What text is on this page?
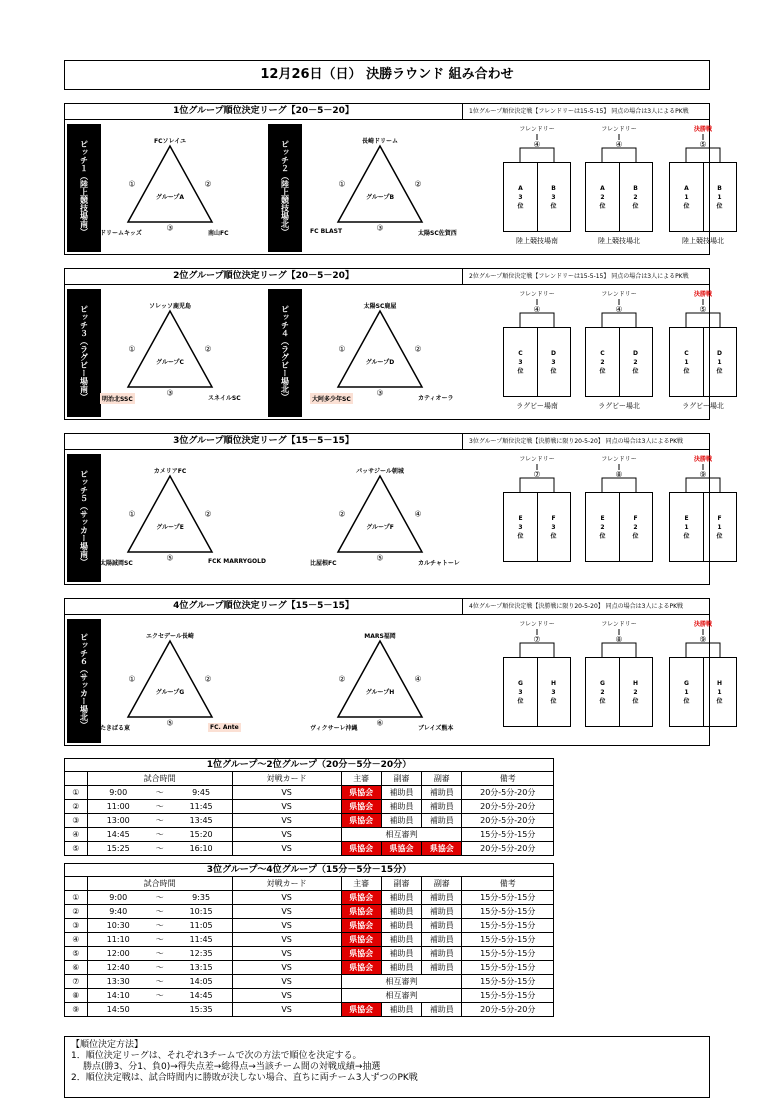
12月26日（日） 決勝ラウンド 組み合わせ
1位グループ順位決定リーグ【20－5－20】	1位グループ順位決定戦【フレンドリーは15-5-15】 同点の場合は3人によるPK戦
ピッチ１（陸上競技場南）	ピッチ２（陸上競技場北）
FCソレイユ
グループA
①	②
③
ドリームキッズ	南山FC
長崎ドリーム
グループB
①	②
③
FC BLAST	太陽SC佐賀西
フレンドリー
④
A
3
位
B
3
位
陸上競技場南
フレンドリー
④
A
2
位
B
2
位
陸上競技場北
決勝戦
⑤
A
1
位
B
1
位
陸上競技場北
2位グループ順位決定リーグ【20－5－20】	2位グループ順位決定戦【フレンドリーは15-5-15】 同点の場合は3人によるPK戦
ピッチ３（ラグビー場南）	ピッチ４（ラグビー場北）
ソレッソ鹿児島
グループC
①	②
③
明治北SSC	スネイルSC
太陽SC鹿屋
グループD
①	②
③
大阿多少年SC	カティオーラ
フレンドリー
④
C
3
位
D
3
位
ラグビー場南
フレンドリー
④
C
2
位
D
2
位
ラグビー場北
決勝戦
⑤
C
1
位
D
1
位
ラグビー場北
3位グループ順位決定リーグ【15－5－15】	3位グループ順位決定戦【決勝戦に限り20-5-20】 同点の場合は3人によるPK戦
ピッチ５（サッカー場南）	カメリアFC
グループE
①	②
⑤
太陽誠岡SC	FCK MARRYGOLD
パッサジール朝城
グループF
②	④
⑤
比屋根FC	カルチャトーレ
フレンドリー
⑦
E
3
位
F
3
位
フレンドリー
⑧
E
2
位
F
2
位
決勝戦
⑨
E
1
位
F
1
位
4位グループ順位決定リーグ【15－5－15】	4位グループ順位決定戦【決勝戦に限り20-5-20】 同点の場合は3人によるPK戦
ピッチ６（サッカー場北）	エクセデール長崎
グループG
①	②
⑤
たきばる東	FC. Ante
MARS福岡
グループH
②	④
⑥
ヴィクサーレ沖縄	ブレイズ熊本
フレンドリー
⑦
G
3
位
H
3
位
フレンドリー
⑧
G
2
位
H
2
位
決勝戦
⑨
G
1
位
H
1
位
1位グループ～2位グループ（20分－5分－20分）
	試合時間			対戦カード	主審	副審	副審	備考
①	9:00	～	9:45	VS	県協会	補助員	補助員	20分-5分-20分
②	11:00	～	11:45	VS	県協会	補助員	補助員	20分-5分-20分
③	13:00	～	13:45	VS	県協会	補助員	補助員	20分-5分-20分
④	14:45	～	15:20	VS	相互審判			15分-5分-15分
⑤	15:25	～	16:10	VS	県協会	県協会	県協会	20分-5分-20分
3位グループ～4位グループ（15分－5分－15分）
	試合時間			対戦カード	主審	副審	副審	備考
①	9:00	～	9:35	VS	県協会	補助員	補助員	15分-5分-15分
②	9:40	～	10:15	VS	県協会	補助員	補助員	15分-5分-15分
③	10:30	～	11:05	VS	県協会	補助員	補助員	15分-5分-15分
④	11:10	～	11:45	VS	県協会	補助員	補助員	15分-5分-15分
⑤	12:00	～	12:35	VS	県協会	補助員	補助員	15分-5分-15分
⑥	12:40	～	13:15	VS	県協会	補助員	補助員	15分-5分-15分
⑦	13:30	～	14:05	VS	相互審判			15分-5分-15分
⑧	14:10	～	14:45	VS	相互審判			15分-5分-15分
⑨	14:50		15:35	VS	県協会	補助員	補助員	20分-5分-20分
【順位決定方法】
1．順位決定リーグは、それぞれ3チームで次の方法で順位を決定する。
勝点(勝3、分1、負0)→得失点差→総得点→当該チーム間の対戦成績→抽選
2．順位決定戦は、試合時間内に勝敗が決しない場合、直ちに両チーム3人ずつのPK戦
